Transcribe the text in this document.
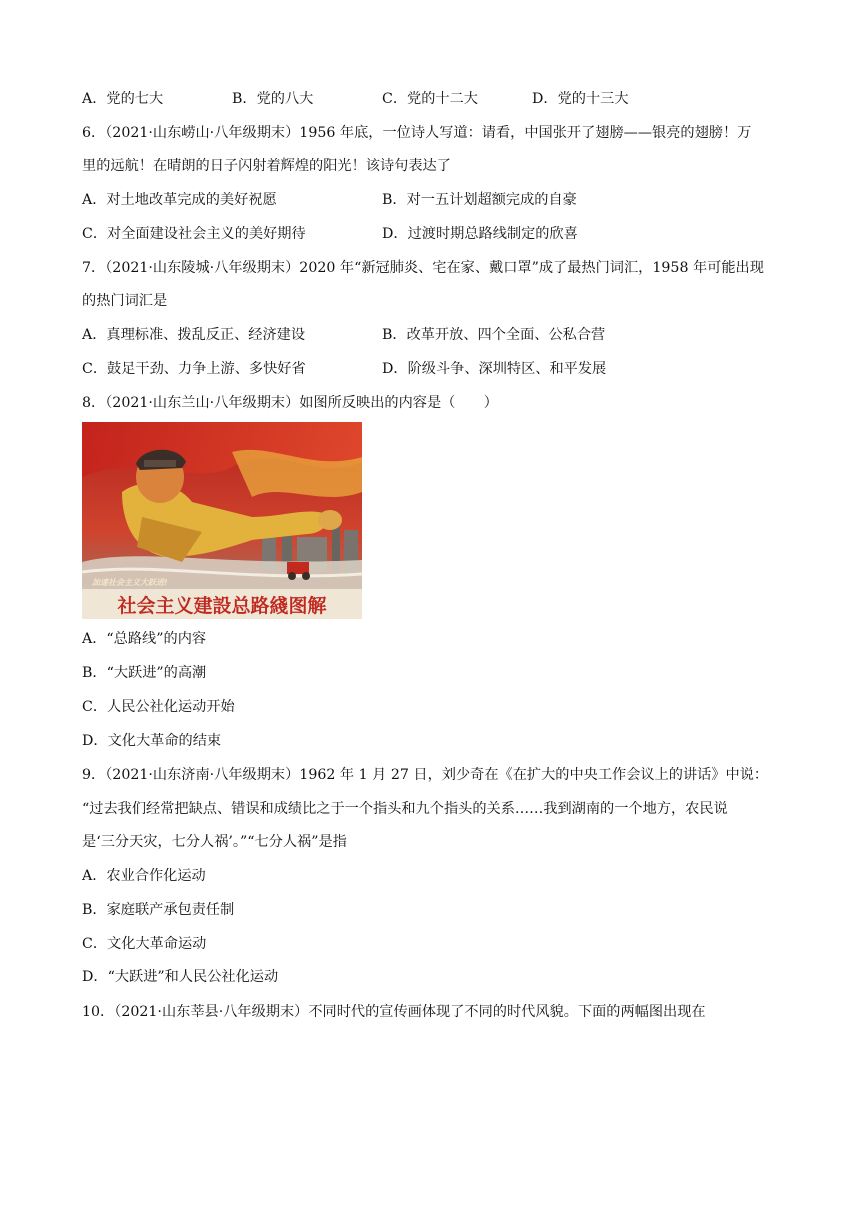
A．党的七大	B．党的八大	C．党的十二大	D．党的十三大
6．（2021·山东崂山·八年级期末）1956 年底，一位诗人写道：请看，中国张开了翅膀——银亮的翅膀！万
里的远航！在晴朗的日子闪射着辉煌的阳光！该诗句表达了
A．对土地改革完成的美好祝愿	B．对一五计划超额完成的自豪
C．对全面建设社会主义的美好期待	D．过渡时期总路线制定的欣喜
7．（2021·山东陵城·八年级期末）2020 年“新冠肺炎、宅在家、戴口罩”成了最热门词汇，1958 年可能出现
的热门词汇是
A．真理标准、拨乱反正、经济建设	B．改革开放、四个全面、公私合营
C．鼓足干劲、力争上游、多快好省	D．阶级斗争、深圳特区、和平发展
8．（2021·山东兰山·八年级期末）如图所反映出的内容是（　　）
加速社会主义大跃进!
社会主义建設总路綫图解
A．“总路线”的内容
B．“大跃进”的高潮
C．人民公社化运动开始
D．文化大革命的结束
9．（2021·山东济南·八年级期末）1962 年 1 月 27 日，刘少奇在《在扩大的中央工作会议上的讲话》中说：
“过去我们经常把缺点、错误和成绩比之于一个指头和九个指头的关系……我到湖南的一个地方，农民说
是‘三分天灾，七分人祸’。”“七分人祸”是指
A．农业合作化运动
B．家庭联产承包责任制
C．文化大革命运动
D．“大跃进”和人民公社化运动
10．（2021·山东莘县·八年级期末）不同时代的宣传画体现了不同的时代风貌。下面的两幅图出现在
